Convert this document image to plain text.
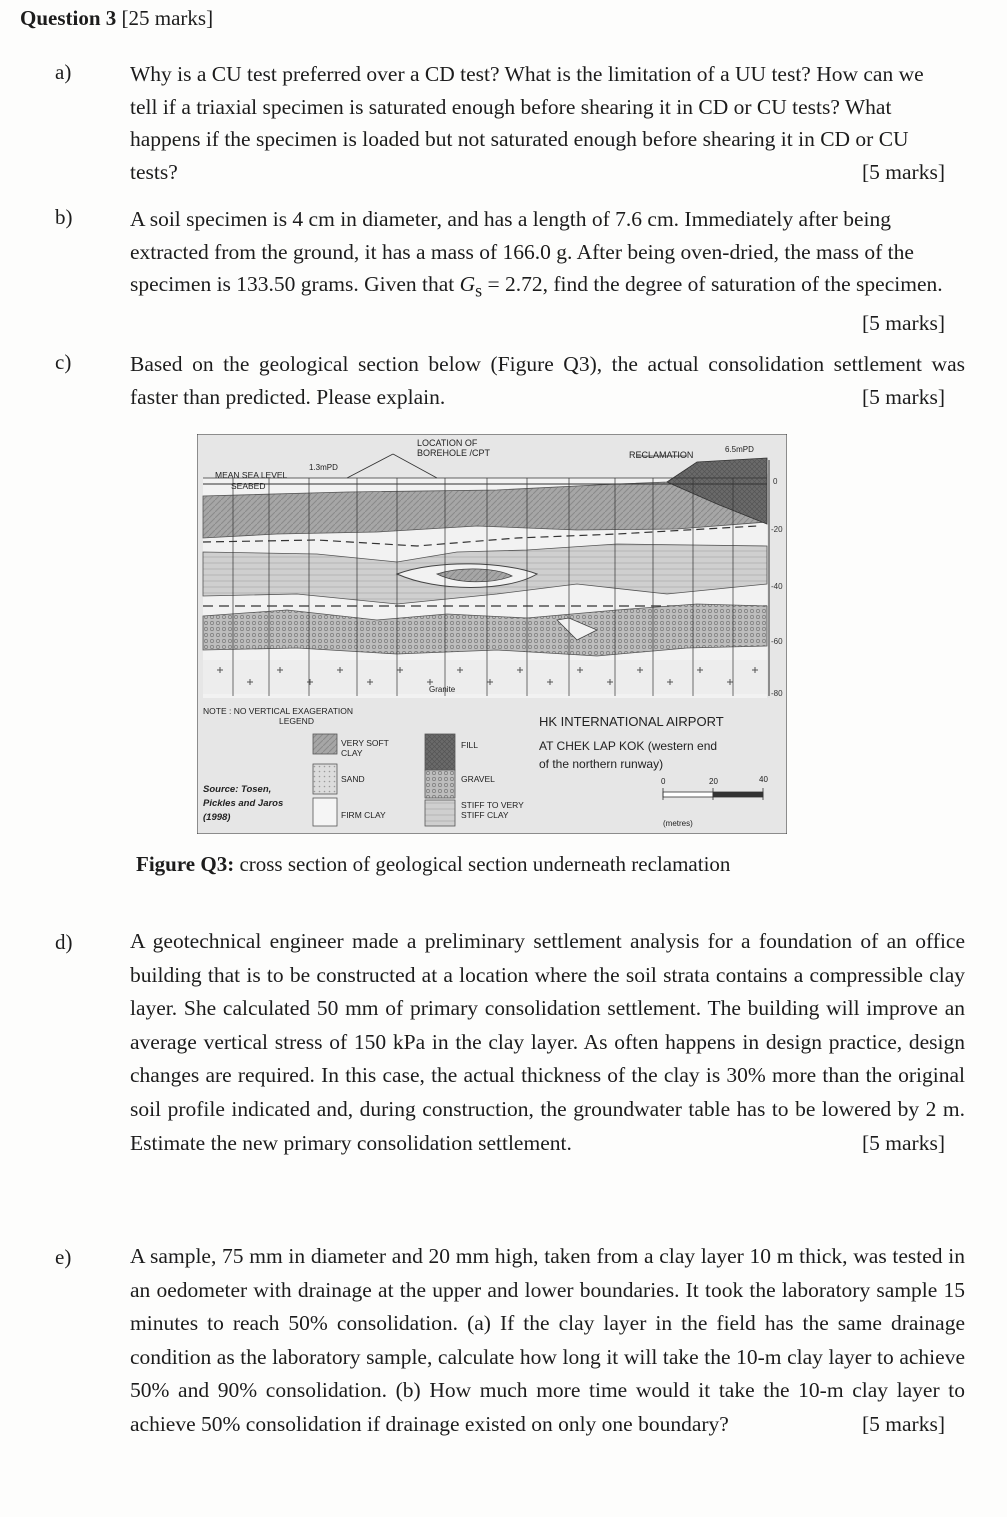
Question 3 [25 marks]
a)	Why is a CU test preferred over a CD test? What is the limitation of a UU test? How can we tell if a triaxial specimen is saturated enough before shearing it in CD or CU tests? What happens if the specimen is loaded but not saturated enough before shearing it in CD or CU tests?	[5 marks]
b)	A soil specimen is 4 cm in diameter, and has a length of 7.6 cm. Immediately after being extracted from the ground, it has a mass of 166.0 g. After being oven-dried, the mass of the specimen is 133.50 grams. Given that $G_s = 2.72$, find the degree of saturation of the specimen.
[5 marks]
c)	Based on the geological section below (Figure Q3), the actual consolidation settlement was faster than predicted. Please explain.	[5 marks]
0
-20
-40
-60
-80
LOCATION OF
BOREHOLE /CPT	RECLAMATION
6.5mPD
MEAN SEA LEVEL
1.3mPD
SEABED
Granite
NOTE : NO VERTICAL EXAGERATION
LEGEND	HK INTERNATIONAL AIRPORT
AT CHEK LAP KOK (western end
of the northern runway)
VERY SOFT
CLAY
SAND
FIRM CLAY
FILL
GRAVEL
STIFF TO VERY
STIFF CLAY
Source: Tosen,
Pickles and Jaros
(1998)
0	20	40
(metres)
Figure Q3: cross section of geological section underneath reclamation
d)	A geotechnical engineer made a preliminary settlement analysis for a foundation of an office building that is to be constructed at a location where the soil strata contains a compressible clay layer. She calculated 50 mm of primary consolidation settlement. The building will improve an average vertical stress of 150 kPa in the clay layer. As often happens in design practice, design changes are required. In this case, the actual thickness of the clay is 30% more than the original soil profile indicated and, during construction, the groundwater table has to be lowered by 2 m. Estimate the new primary consolidation settlement.	[5 marks]
e)	A sample, 75 mm in diameter and 20 mm high, taken from a clay layer 10 m thick, was tested in an oedometer with drainage at the upper and lower boundaries. It took the laboratory sample 15 minutes to reach 50% consolidation. (a) If the clay layer in the field has the same drainage condition as the laboratory sample, calculate how long it will take the 10-m clay layer to achieve 50% and 90% consolidation. (b) How much more time would it take the 10-m clay layer to achieve 50% consolidation if drainage existed on only one boundary?	[5 marks]
